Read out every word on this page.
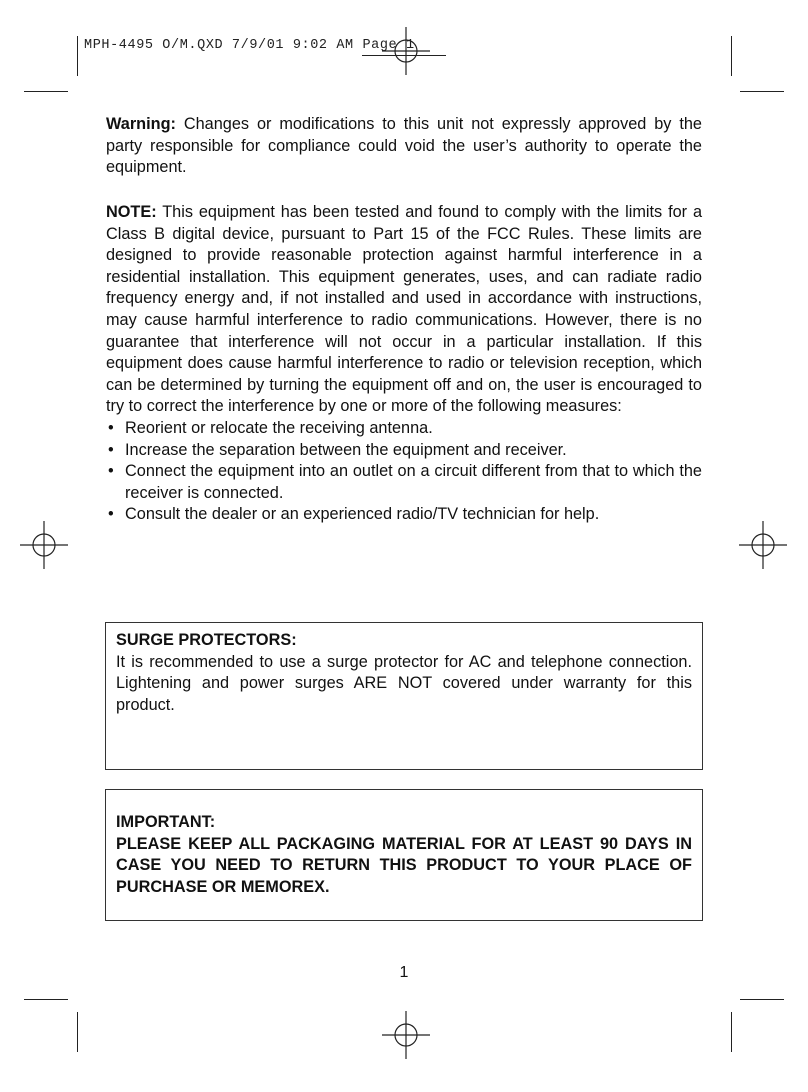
MPH-4495 O/M.QXD 7/9/01 9:02 AM Page 1

Warning: Changes or modifications to this unit not expressly approved by the party responsible for compliance could void the user’s authority to operate the equipment.

NOTE: This equipment has been tested and found to comply with the limits for a Class B digital device, pursuant to Part 15 of the FCC Rules. These limits are designed to provide reasonable protection against harmful interference in a residential installation. This equipment generates, uses, and can radiate radio frequency energy and, if not installed and used in accordance with instructions, may cause harmful interference to radio communications. However, there is no guarantee that interference will not occur in a particular installation. If this equipment does cause harmful interference to radio or television reception, which can be determined by turning the equipment off and on, the user is encouraged to try to correct the interference by one or more of the following measures:

• Reorient or relocate the receiving antenna.
• Increase the separation between the equipment and receiver.
• Connect the equipment into an outlet on a circuit different from that to which the receiver is connected.
• Consult the dealer or an experienced radio/TV technician for help.

SURGE PROTECTORS:

It is recommended to use a surge protector for AC and telephone connection. Lightening and power surges ARE NOT covered under warranty for this product.

IMPORTANT:

PLEASE KEEP ALL PACKAGING MATERIAL FOR AT LEAST 90 DAYS IN CASE YOU NEED TO RETURN THIS PRODUCT TO YOUR PLACE OF PURCHASE OR MEMOREX.

1
